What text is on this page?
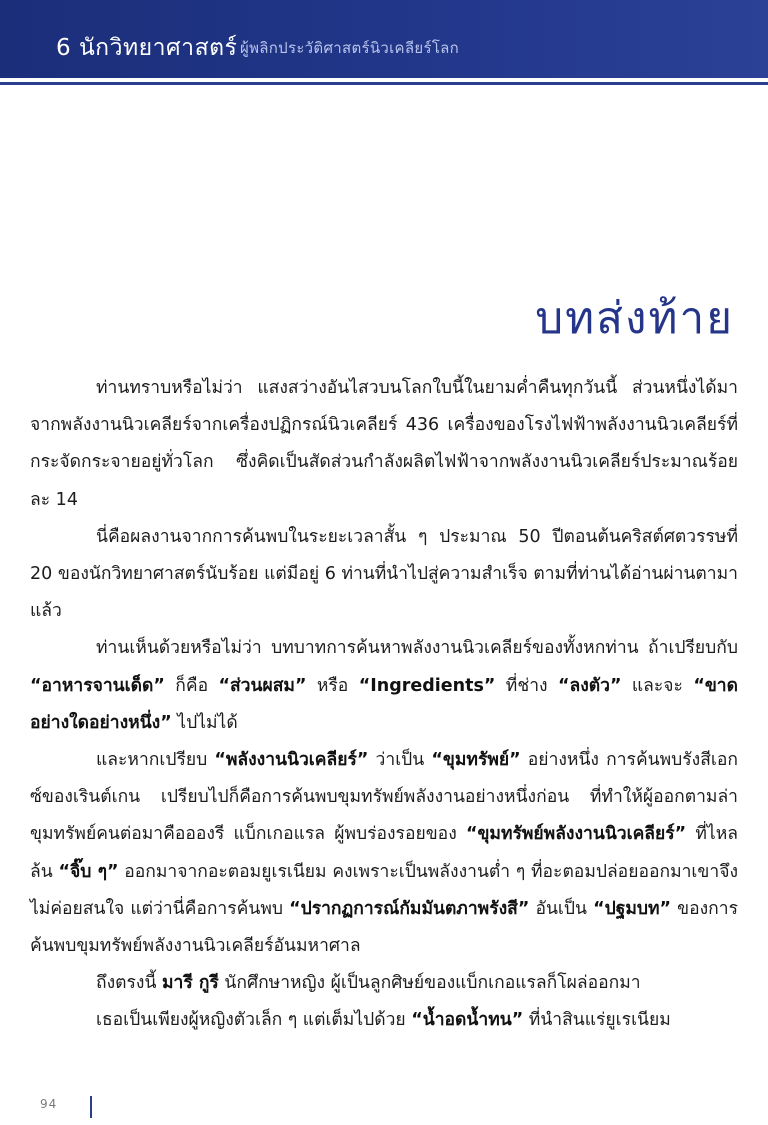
6 นักวิทยาศาสตร์ ผู้พลิกประวัติศาสตร์นิวเคลียร์โลก
บทส่งท้าย

ท่านทราบหรือไม่ว่า แสงสว่างอันไสวบนโลกใบนี้ในยามค่ำคืนทุกวันนี้ ส่วนหนึ่งได้มาจากพลังงานนิวเคลียร์จากเครื่องปฏิกรณ์นิวเคลียร์ 436 เครื่องของโรงไฟฟ้าพลังงานนิวเคลียร์ที่กระจัดกระจายอยู่ทั่วโลก ซึ่งคิดเป็นสัดส่วนกำลังผลิตไฟฟ้าจากพลังงานนิวเคลียร์ประมาณร้อยละ 14

นี่คือผลงานจากการค้นพบในระยะเวลาสั้น ๆ ประมาณ 50 ปีตอนต้นคริสต์ศตวรรษที่ 20 ของนักวิทยาศาสตร์นับร้อย แต่มีอยู่ 6 ท่านที่นำไปสู่ความสำเร็จ ตามที่ท่านได้อ่านผ่านตามาแล้ว

ท่านเห็นด้วยหรือไม่ว่า บทบาทการค้นหาพลังงานนิวเคลียร์ของทั้งหกท่าน ถ้าเปรียบกับ “อาหารจานเด็ด” ก็คือ “ส่วนผสม” หรือ “Ingredients” ที่ช่าง “ลงตัว” และจะ “ขาดอย่างใดอย่างหนึ่ง” ไปไม่ได้

และหากเปรียบ “พลังงานนิวเคลียร์” ว่าเป็น “ขุมทรัพย์” อย่างหนึ่ง การค้นพบรังสีเอกซ์ของเรินต์เกน เปรียบไปก็คือการค้นพบขุมทรัพย์พลังงานอย่างหนึ่งก่อน ที่ทำให้ผู้ออกตามล่าขุมทรัพย์คนต่อมาคืออองรี แบ็กเกอแรล ผู้พบร่องรอยของ “ขุมทรัพย์พลังงานนิวเคลียร์” ที่ไหลล้น “จิ๊บ ๆ” ออกมาจากอะตอมยูเรเนียม คงเพราะเป็นพลังงานต่ำ ๆ ที่อะตอมปล่อยออกมาเขาจึงไม่ค่อยสนใจ แต่ว่านี่คือการค้นพบ “ปรากฏการณ์กัมมันตภาพรังสี” อันเป็น “ปฐมบท” ของการค้นพบขุมทรัพย์พลังงานนิวเคลียร์อันมหาศาล

ถึงตรงนี้ มารี กูรี นักศึกษาหญิง ผู้เป็นลูกศิษย์ของแบ็กเกอแรลก็โผล่ออกมา

เธอเป็นเพียงผู้หญิงตัวเล็ก ๆ แต่เต็มไปด้วย “น้ำอดน้ำทน” ที่นำสินแร่ยูเรเนียม

94
